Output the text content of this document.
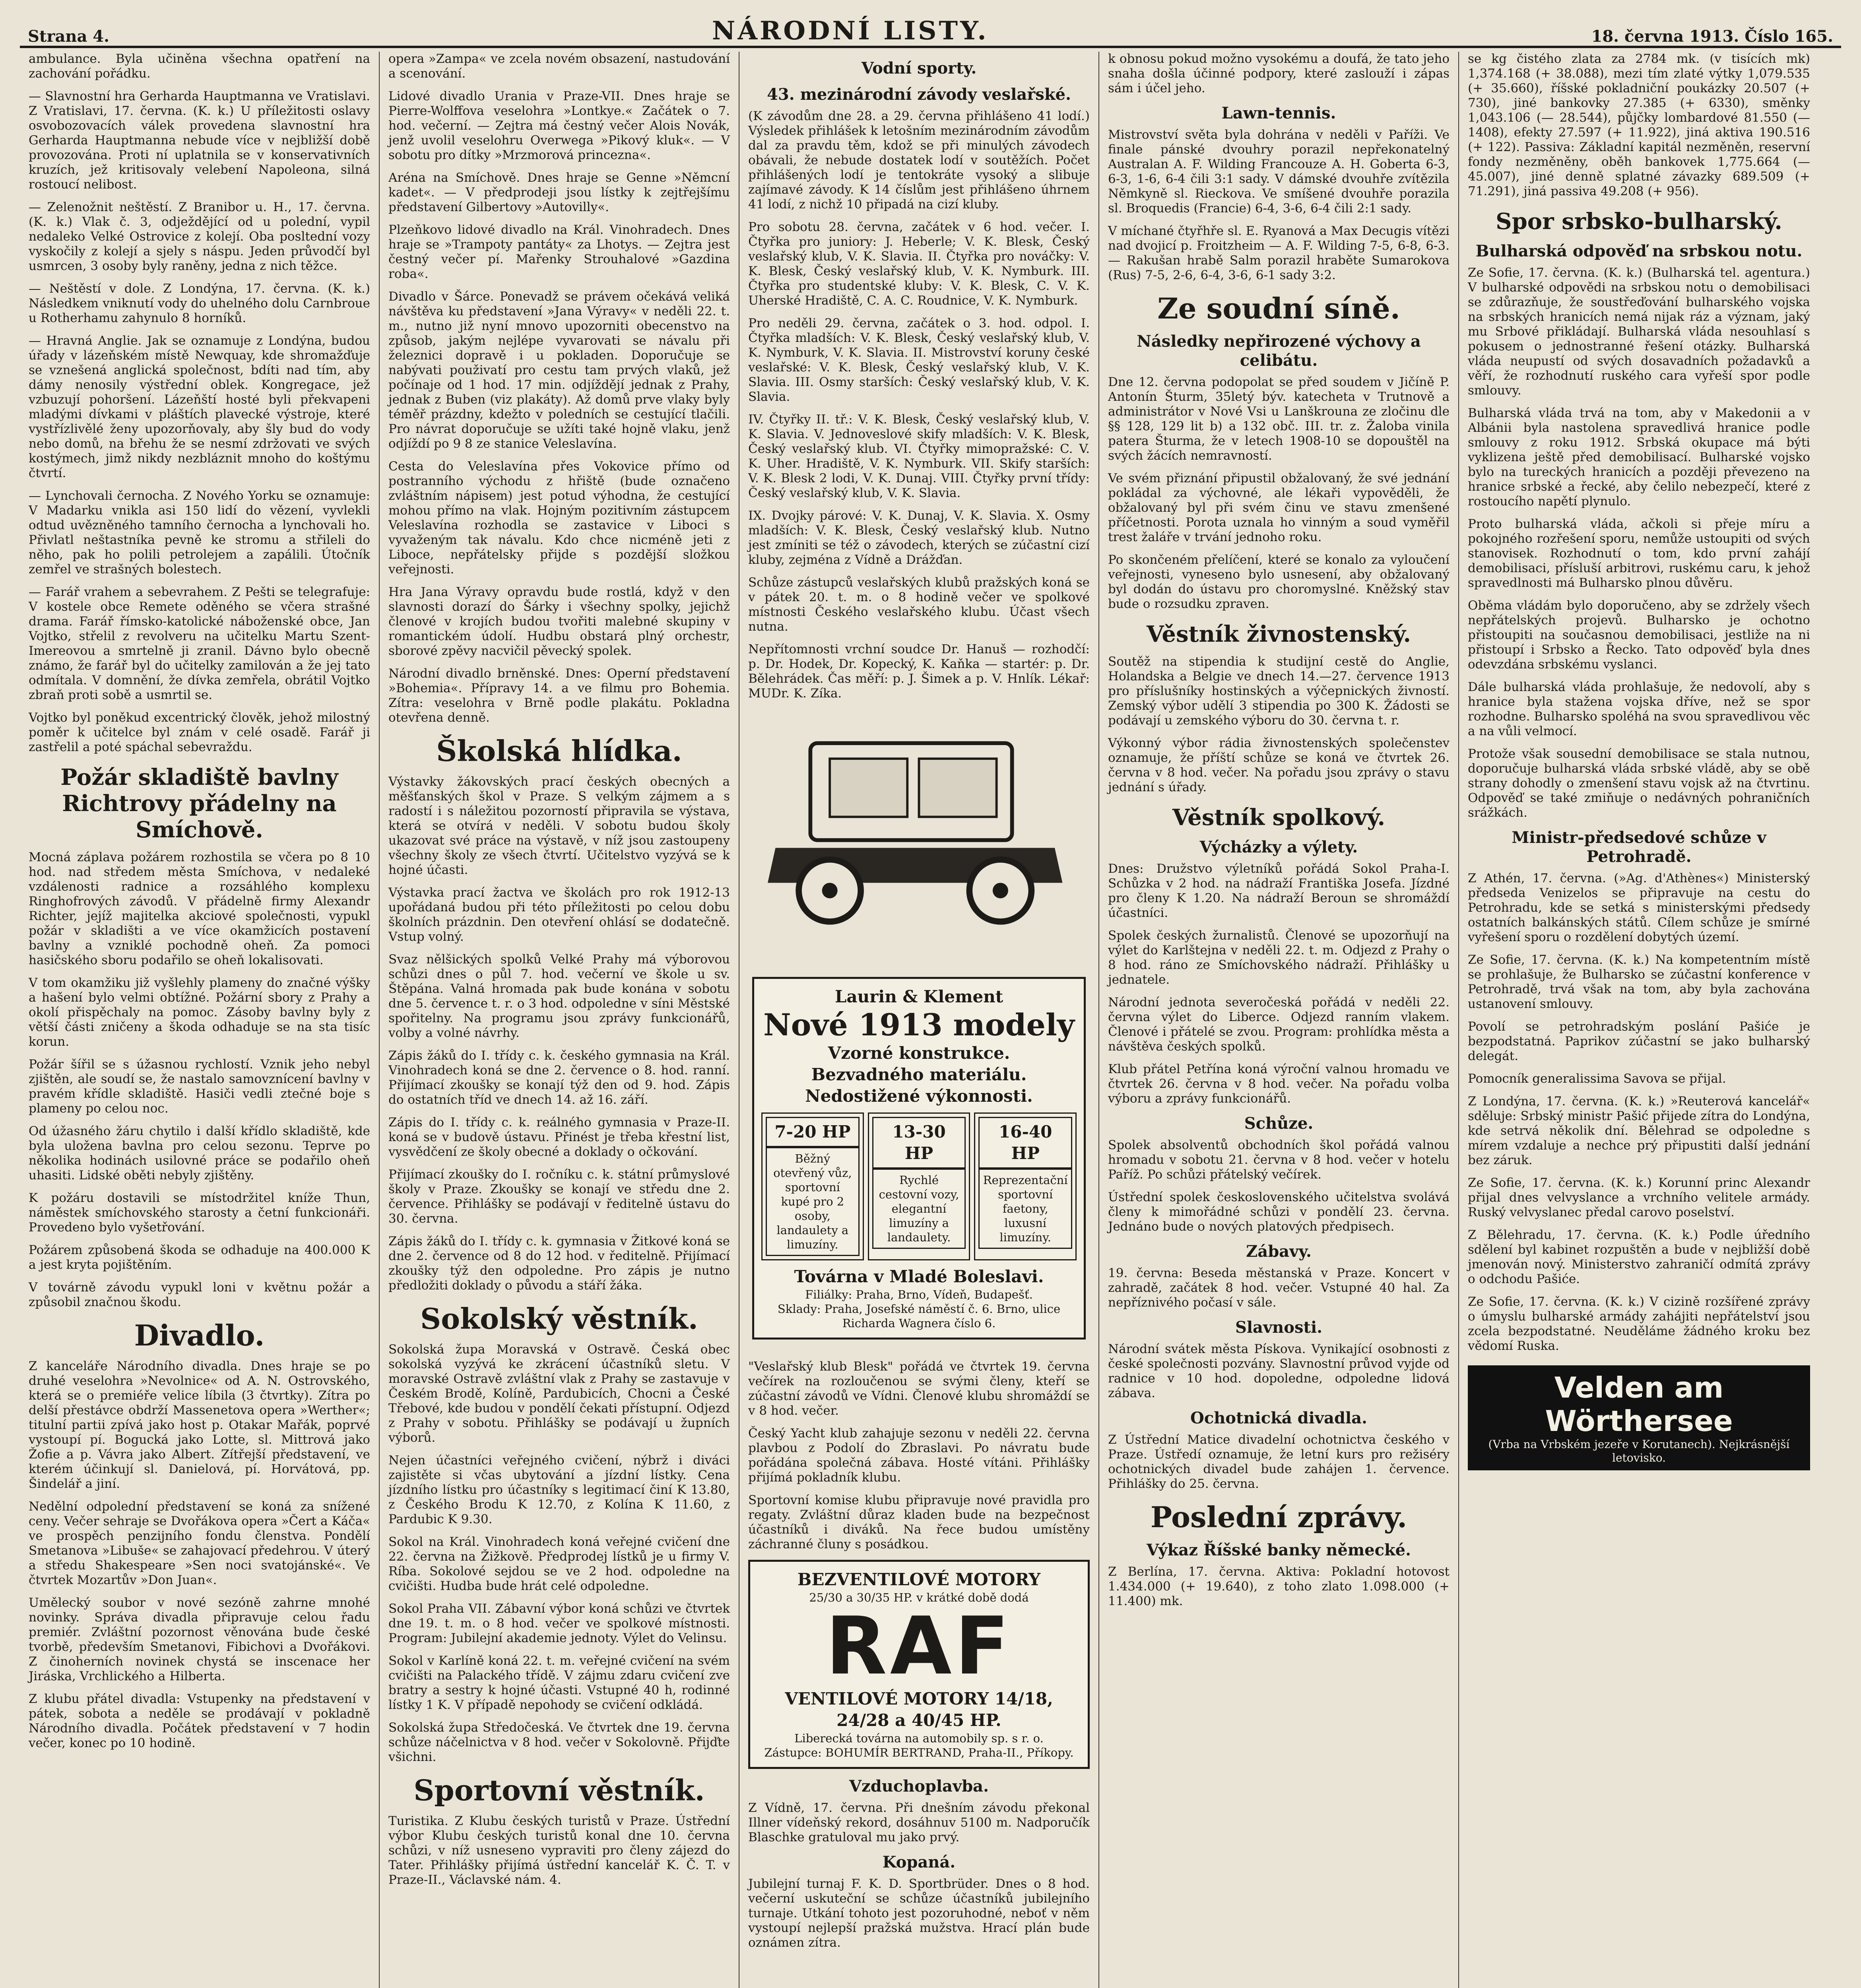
Strana 4.	NÁRODNÍ LISTY.	18. června 1913. Číslo 165.

ambulance. Byla učiněna všechna opatření na zachování pořádku.

— Slavnostní hra Gerharda Hauptmanna ve Vratislavi. Z Vratislavi, 17. června. (K. k.) U příležitosti oslavy osvobozovacích válek provedena slavnostní hra Gerharda Hauptmanna nebude více v nejbližší době provozována. Proti ní uplatnila se v konservativních kruzích, jež kritisovaly velebení Napoleona, silná rostoucí nelibost.

— Zelenožnit neštěstí. Z Branibor u. H., 17. června. (K. k.) Vlak č. 3, odježdějící od u polední, vypil nedaleko Velké Ostrovice z kolejí. Oba posltední vozy vyskočily z kolejí a sjely s náspu. Jeden průvodčí byl usmrcen, 3 osoby byly raněny, jedna z nich těžce.

— Neštěstí v dole. Z Londýna, 17. června. (K. k.) Následkem vniknutí vody do uhelného dolu Carnbroue u Rotherhamu zahynulo 8 horníků.

— Hravná Anglie. Jak se oznamuje z Londýna, budou úřady v lázeňském místě Newquay, kde shromažďuje se vznešená anglická společnost, bdíti nad tím, aby dámy nenosily výstřední oblek. Kongregace, jež vzbuzují pohoršení. Lázeňští hosté byli překvapeni mladými dívkami v pláštích plavecké výstroje, které vystřízlivělé ženy upozorňovaly, aby šly bud do vody nebo domů, na břehu že se nesmí zdržovati ve svých kostýmech, jimž nikdy nezbláznit mnoho do koštýmu čtvrtí.

— Lynchovali černocha. Z Nového Yorku se oznamuje: V Madarku vnikla asi 150 lidí do vězení, vyvlekli odtud uvězněného tamního černocha a lynchovali ho. Přivlatl neštastníka pevně ke stromu a střileli do něho, pak ho polili petrolejem a zapálili. Útočník zemřel ve strašných bolestech.

— Farář vrahem a sebevrahem. Z Pešti se telegrafuje: V kostele obce Remete oděného se včera strašné drama. Farář římsko-katolické náboženské obce, Jan Vojtko, střelil z revolveru na učitelku Martu Szent-Imereovou a smrtelně ji zranil. Dávno bylo obecně známo, že farář byl do učitelky zamilován a že jej tato odmítala. V domnění, že dívka zemřela, obrátil Vojtko zbraň proti sobě a usmrtil se.

Vojtko byl poněkud excentrický člověk, jehož milostný poměr k učitelce byl znám v celé osadě. Farář ji zastřelil a poté spáchal sebevraždu.

Požár skladiště bavlny Richtrovy přádelny na Smíchově.

Mocná záplava požárem rozhostila se včera po 8 10 hod. nad středem města Smíchova, v nedaleké vzdálenosti radnice a rozsáhlého komplexu Ringhofrových závodů. V přádelně firmy Alexandr Richter, jejíž majitelka akciové společnosti, vypukl požár v skladišti a ve více okamžicích postavení bavlny a vzniklé pochodně oheň. Za pomoci hasičského sboru podařilo se oheň lokalisovati.

V tom okamžiku již vyšlehly plameny do značné výšky a hašení bylo velmi obtížné. Požární sbory z Prahy a okolí přispěchaly na pomoc. Zásoby bavlny byly z větší části zničeny a škoda odhaduje se na sta tisíc korun.

Požár šířil se s úžasnou rychlostí. Vznik jeho nebyl zjištěn, ale soudí se, že nastalo samovznícení bavlny v pravém křídle skladiště. Hasiči vedli ztečné boje s plameny po celou noc.

Od úžasného žáru chytilo i další křídlo skladiště, kde byla uložena bavlna pro celou sezonu. Teprve po několika hodinách usilovné práce se podařilo oheň uhasiti. Lidské oběti nebyly zjištěny.

K požáru dostavili se místodržitel kníže Thun, náměstek smíchovského starosty a četní funkcionáři. Provedeno bylo vyšetřování.

Požárem způsobená škoda se odhaduje na 400.000 K a jest kryta pojištěním.

V továrně závodu vypukl loni v květnu požár a způsobil značnou škodu.

Divadlo.

Z kanceláře Národního divadla. Dnes hraje se po druhé veselohra »Nevolnice« od A. N. Ostrovského, která se o premiéře velice líbila (3 čtvrtky). Zítra po delší přestávce obdrží Massenetova opera »Werther«; titulní partii zpívá jako host p. Otakar Mařák, poprvé vystoupí pí. Bogucká jako Lotte, sl. Mittrová jako Žofie a p. Vávra jako Albert. Zítřejší představení, ve kterém účinkují sl. Danielová, pí. Horvátová, pp. Šindelář a jiní.

Nedělní odpolední představení se koná za snížené ceny. Večer sehraje se Dvořákova opera »Čert a Káča« ve prospěch penzijního fondu členstva. Pondělí Smetanova »Libuše« se zahajovací předehrou. V úterý a středu Shakespeare »Sen noci svatojánské«. Ve čtvrtek Mozartův »Don Juan«.

Umělecký soubor v nové sezóně zahrne mnohé novinky. Správa divadla připravuje celou řadu premiér. Zvláštní pozornost věnována bude české tvorbě, především Smetanovi, Fibichovi a Dvořákovi. Z činoherních novinek chystá se inscenace her Jiráska, Vrchlického a Hilberta.

Z klubu přátel divadla: Vstupenky na představení v pátek, sobota a neděle se prodávají v pokladně Národního divadla. Počátek představení v 7 hodin večer, konec po 10 hodině.

opera »Zampa« ve zcela novém obsazení, nastudování a scenování.

Lidové divadlo Urania v Praze-VII. Dnes hraje se Pierre-Wolffova veselohra »Lontkye.« Začátek o 7. hod. večerní. — Zejtra má čestný večer Alois Novák, jenž uvolil veselohru Overwega »Pikový kluk«. — V sobotu pro dítky »Mrzmorová princezna«.

Aréna na Smíchově. Dnes hraje se Genne »Němcní kadet«. — V předprodeji jsou lístky k zejtřejšímu představení Gilbertovy »Autovilly«.

Plzeňkovo lidové divadlo na Král. Vinohradech. Dnes hraje se »Trampoty pantáty« za Lhotys. — Zejtra jest čestný večer pí. Mařenky Strouhalové »Gazdina roba«.

Divadlo v Šárce. Ponevadž se právem očekává veliká návštěva ku představení »Jana Výravy« v neděli 22. t. m., nutno již nyní mnovo upozorniti obecenstvo na způsob, jakým nejlépe vyvarovati se návalu při železnici dopravě i u pokladen. Doporučuje se nabývati použivatí pro cestu tam prvých vlaků, jež počínaje od 1 hod. 17 min. odjíždějí jednak z Prahy, jednak z Buben (viz plakáty). Až domů prve vlaky byly téměř prázdny, kdežto v poledních se cestující tlačili. Pro návrat doporučuje se užíti také hojně vlaku, jenž odjíždí po 9 8 ze stanice Veleslavína.

Cesta do Veleslavína přes Vokovice přímo od postranního východu z hřiště (bude označeno zvláštním nápisem) jest potud výhodna, že cestující mohou přímo na vlak. Hojným pozitivním zástupcem Veleslavína rozhodla se zastavice v Liboci s vyvaženým tak návalu. Kdo chce nicméně jeti z Liboce, nepřátelsky přijde s pozdější složkou veřejnosti.

Hra Jana Výravy opravdu bude rostlá, když v den slavnosti dorazí do Šárky i všechny spolky, jejichž členové v krojích budou tvořiti malebné skupiny v romantickém údolí. Hudbu obstará plný orchestr, sborové zpěvy nacvičil pěvecký spolek.

Národní divadlo brněnské. Dnes: Operní představení »Bohemia«. Přípravy 14. a ve filmu pro Bohemia. Zítra: veselohra v Brně podle plakátu. Pokladna otevřena denně.

Školská hlídka.

Výstavky žákovských prací českých obecných a měšťanských škol v Praze. S velkým zájmem a s radostí i s náležitou pozorností připravila se výstava, která se otvírá v neděli. V sobotu budou školy ukazovat své práce na výstavě, v níž jsou zastoupeny všechny školy ze všech čtvrtí. Učitelstvo vyzývá se k hojné účasti.

Výstavka prací žactva ve školách pro rok 1912-13 upořádaná budou při této příležitosti po celou dobu školních prázdnin. Den otevření ohlásí se dodatečně. Vstup volný.

Svaz nělšických spolků Velké Prahy má výborovou schůzi dnes o půl 7. hod. večerní ve škole u sv. Štěpána. Valná hromada pak bude konána v sobotu dne 5. července t. r. o 3 hod. odpoledne v síni Městské spořitelny. Na programu jsou zprávy funkcionářů, volby a volné návrhy.

Zápis žáků do I. třídy c. k. českého gymnasia na Král. Vinohradech koná se dne 2. července o 8. hod. ranní. Přijímací zkoušky se konají týž den od 9. hod. Zápis do ostatních tříd ve dnech 14. až 16. září.

Zápis do I. třídy c. k. reálného gymnasia v Praze-II. koná se v budově ústavu. Přinést je třeba křestní list, vysvědčení ze školy obecné a doklady o očkování.

Přijímací zkoušky do I. ročníku c. k. státní průmyslové školy v Praze. Zkoušky se konají ve středu dne 2. července. Přihlášky se podávají v ředitelně ústavu do 30. června.

Zápis žáků do I. třídy c. k. gymnasia v Žitkové koná se dne 2. července od 8 do 12 hod. v ředitelně. Přijímací zkoušky týž den odpoledne. Pro zápis je nutno předložiti doklady o původu a stáří žáka.

Sokolský věstník.

Sokolská župa Moravská v Ostravě. Česká obec sokolská vyzývá ke zkrácení účastníků sletu. V moravské Ostravě zvláštní vlak z Prahy se zastavuje v Českém Brodě, Kolíně, Pardubicích, Chocni a České Třebové, kde budou v pondělí čekati přístupní. Odjezd z Prahy v sobotu. Přihlášky se podávají u župních výborů.

Nejen účastníci veřejného cvičení, nýbrž i diváci zajistěte si včas ubytování a jízdní lístky. Cena jízdního lístku pro účastníky s legitimací činí K 13.80, z Českého Brodu K 12.70, z Kolína K 11.60, z Pardubic K 9.30.

Sokol na Král. Vinohradech koná veřejné cvičení dne 22. června na Žižkově. Předprodej lístků je u firmy V. Ríba. Sokolové sejdou se ve 2 hod. odpoledne na cvičišti. Hudba bude hrát celé odpoledne.

Sokol Praha VII. Zábavní výbor koná schůzi ve čtvrtek dne 19. t. m. o 8 hod. večer ve spolkové místnosti. Program: Jubilejní akademie jednoty. Výlet do Velinsu.

Sokol v Karlíně koná 22. t. m. veřejné cvičení na svém cvičišti na Palackého třídě. V zájmu zdaru cvičení zve bratry a sestry k hojné účasti. Vstupné 40 h, rodinné lístky 1 K. V případě nepohody se cvičení odkládá.

Sokolská župa Středočeská. Ve čtvrtek dne 19. června schůze náčelnictva v 8 hod. večer v Sokolovně. Přijďte všichni.

Sportovní věstník.

Turistika. Z Klubu českých turistů v Praze. Ústřední výbor Klubu českých turistů konal dne 10. června schůzi, v níž usneseno vypraviti pro členy zájezd do Tater. Přihlášky přijímá ústřední kancelář K. Č. T. v Praze-II., Václavské nám. 4.

Vodní sporty.
43. mezinárodní závody veslařské.

(K závodům dne 28. a 29. června přihlášeno 41 lodí.) Výsledek přihlášek k letošním mezinárodním závodům dal za pravdu těm, kdož se při minulých závodech obávali, že nebude dostatek lodí v soutěžích. Počet přihlášených lodí je tentokráte vysoký a slibuje zajímavé závody. K 14 číslům jest přihlášeno úhrnem 41 lodí, z nichž 10 připadá na cizí kluby.

Pro sobotu 28. června, začátek v 6 hod. večer. I. Čtyřka pro juniory: J. Heberle; V. K. Blesk, Český veslařský klub, V. K. Slavia. II. Čtyřka pro nováčky: V. K. Blesk, Český veslařský klub, V. K. Nymburk. III. Čtyřka pro studentské kluby: V. K. Blesk, C. V. K. Uherské Hradiště, C. A. C. Roudnice, V. K. Nymburk.

Pro neděli 29. června, začátek o 3. hod. odpol. I. Čtyřka mladších: V. K. Blesk, Český veslařský klub, V. K. Nymburk, V. K. Slavia. II. Mistrovství koruny české veslařské: V. K. Blesk, Český veslařský klub, V. K. Slavia. III. Osmy starších: Český veslařský klub, V. K. Slavia.

IV. Čtyřky II. tř.: V. K. Blesk, Český veslařský klub, V. K. Slavia. V. Jednoveslové skify mladších: V. K. Blesk, Český veslařský klub. VI. Čtyřky mimopražské: C. V. K. Uher. Hradiště, V. K. Nymburk. VII. Skify starších: V. K. Blesk 2 lodi, V. K. Dunaj. VIII. Čtyřky první třídy: Český veslařský klub, V. K. Slavia.

IX. Dvojky párové: V. K. Dunaj, V. K. Slavia. X. Osmy mladších: V. K. Blesk, Český veslařský klub. Nutno jest zmíniti se též o závodech, kterých se zúčastní cizí kluby, zejména z Vídně a Drážďan.

Schůze zástupců veslařských klubů pražských koná se v pátek 20. t. m. o 8 hodině večer ve spolkové místnosti Českého veslařského klubu. Účast všech nutna.

Nepřítomnosti vrchní soudce Dr. Hanuš — rozhodčí: p. Dr. Hodek, Dr. Kopecký, K. Kaňka — startér: p. Dr. Bělehrádek. Čas měří: p. J. Šimek a p. V. Hnlík. Lékař: MUDr. K. Zíka.

Laurin & Klement
Nové 1913 modely
Vzorné konstrukce.
Bezvadného materiálu.
Nedostižené výkonnosti.
7-20 HP
Běžný otevřený vůz, sportovní kupé pro 2 osoby, landaulety a limuzíny.
13-30 HP
Rychlé cestovní vozy, elegantní limuzíny a landaulety.
16-40 HP
Reprezentační sportovní faetony, luxusní limuzíny.
Továrna v Mladé Boleslavi.
Filiálky: Praha, Brno, Vídeň, Budapešť.
Sklady: Praha, Josefské náměstí č. 6. Brno, ulice Richarda Wagnera číslo 6.

"Veslařský klub Blesk" pořádá ve čtvrtek 19. června večírek na rozloučenou se svými členy, kteří se zúčastní závodů ve Vídni. Členové klubu shromáždí se v 8 hod. večer.

Český Yacht klub zahajuje sezonu v neděli 22. června plavbou z Podolí do Zbraslavi. Po návratu bude pořádána společná zábava. Hosté vítáni. Přihlášky přijímá pokladník klubu.

Sportovní komise klubu připravuje nové pravidla pro regaty. Zvláštní důraz kladen bude na bezpečnost účastníků i diváků. Na řece budou umístěny záchranné čluny s posádkou.

BEZVENTILOVÉ MOTORY
25/30 a 30/35 HP. v krátké době dodá
RAF
VENTILOVÉ MOTORY 14/18, 24/28 a 40/45 HP.
Liberecká továrna na automobily sp. s r. o.
Zástupce: BOHUMÍR BERTRAND, Praha-II., Příkopy.
Vzduchoplavba.

Z Vídně, 17. června. Při dnešním závodu překonal Illner vídeňský rekord, dosáhnuv 5100 m. Nadporučík Blaschke gratuloval mu jako prvý.

Kopaná.

Jubilejní turnaj F. K. D. Sportbrüder. Dnes o 8 hod. večerní uskuteční se schůze účastníků jubilejního turnaje. Utkání tohoto jest pozoruhodné, neboť v něm vystoupí nejlepší pražská mužstva. Hrací plán bude oznámen zítra.

k obnosu pokud možno vysokému a doufá, že tato jeho snaha došla účinné podpory, které zaslouží i zápas sám i účel jeho.

Lawn-tennis.

Mistrovství světa byla dohrána v neděli v Paříži. Ve finale pánské dvouhry porazil nepřekonatelný Australan A. F. Wilding Francouze A. H. Goberta 6-3, 6-3, 1-6, 6-4 čili 3:1 sady. V dámské dvouhře zvítězila Němkyně sl. Rieckova. Ve smíšené dvouhře porazila sl. Broquedis (Francie) 6-4, 3-6, 6-4 čili 2:1 sady.

V míchané čtyřhře sl. E. Ryanová a Max Decugis vítězi nad dvojicí p. Froitzheim — A. F. Wilding 7-5, 6-8, 6-3. — Rakušan hrabě Salm porazil hraběte Sumarokova (Rus) 7-5, 2-6, 6-4, 3-6, 6-1 sady 3:2.

Ze soudní síně.
Následky nepřirozené výchovy a celibátu.

Dne 12. června podopolat se před soudem v Jičíně P. Antonín Šturm, 35letý býv. katecheta v Trutnově a administrátor v Nové Vsi u Lanškrouna ze zločinu dle §§ 128, 129 lit b) a 132 obč. III. tr. z. Žaloba vinila patera Šturma, že v letech 1908-10 se dopouštěl na svých žácích nemravností.

Ve svém přiznání připustil obžalovaný, že své jednání pokládal za výchovné, ale lékaři vypověděli, že obžalovaný byl při svém činu ve stavu zmenšené příčetnosti. Porota uznala ho vinným a soud vyměřil trest žaláře v trvání jednoho roku.

Po skončeném přelíčení, které se konalo za vyloučení veřejnosti, vyneseno bylo usnesení, aby obžalovaný byl dodán do ústavu pro choromyslné. Kněžský stav bude o rozsudku zpraven.

Věstník živnostenský.

Soutěž na stipendia k studijní cestě do Anglie, Holandska a Belgie ve dnech 14.—27. července 1913 pro příslušníky hostinských a výčepnických živností. Zemský výbor udělí 3 stipendia po 300 K. Žádosti se podávají u zemského výboru do 30. června t. r.

Výkonný výbor rádia živnostenských společenstev oznamuje, že příští schůze se koná ve čtvrtek 26. června v 8 hod. večer. Na pořadu jsou zprávy o stavu jednání s úřady.

Věstník spolkový.
Výcházky a výlety.

Dnes: Družstvo výletníků pořádá Sokol Praha-I. Schůzka v 2 hod. na nádraží Františka Josefa. Jízdné pro členy K 1.20. Na nádraží Beroun se shromáždí účastníci.

Spolek českých žurnalistů. Členové se upozorňují na výlet do Karlštejna v neděli 22. t. m. Odjezd z Prahy o 8 hod. ráno ze Smíchovského nádraží. Přihlášky u jednatele.

Národní jednota severočeská pořádá v neděli 22. června výlet do Liberce. Odjezd ranním vlakem. Členové i přátelé se zvou. Program: prohlídka města a návštěva českých spolků.

Klub přátel Petřína koná výroční valnou hromadu ve čtvrtek 26. června v 8 hod. večer. Na pořadu volba výboru a zprávy funkcionářů.

Schůze.

Spolek absolventů obchodních škol pořádá valnou hromadu v sobotu 21. června v 8 hod. večer v hotelu Paříž. Po schůzi přátelský večírek.

Ústřední spolek československého učitelstva svolává členy k mimořádné schůzi v pondělí 23. června. Jednáno bude o nových platových předpisech.

Zábavy.

19. června: Beseda městanská v Praze. Koncert v zahradě, začátek 8 hod. večer. Vstupné 40 hal. Za nepříznivého počasí v sále.

Slavnosti.

Národní svátek města Pískova. Vynikající osobnosti z české společnosti pozvány. Slavnostní průvod vyjde od radnice v 10 hod. dopoledne, odpoledne lidová zábava.

Ochotnická divadla.

Z Ústřední Matice divadelní ochotnictva českého v Praze. Ústředí oznamuje, že letní kurs pro režiséry ochotnických divadel bude zahájen 1. července. Přihlášky do 25. června.

Poslední zprávy.
Výkaz Říšské banky německé.

Z Berlína, 17. června. Aktiva: Pokladní hotovost 1.434.000 (+ 19.640), z toho zlato 1.098.000 (+ 11.400) mk.

se kg čistého zlata za 2784 mk. (v tisících mk) 1,374.168 (+ 38.088), mezi tím zlaté výtky 1,079.535 (+ 35.660), říšské pokladniční poukázky 20.507 (+ 730), jiné bankovky 27.385 (+ 6330), směnky 1,043.106 (— 28.544), půjčky lombardové 81.550 (— 1408), efekty 27.597 (+ 11.922), jiná aktiva 190.516 (+ 122). Passiva: Základní kapitál nezměněn, reservní fondy nezměněny, oběh bankovek 1,775.664 (— 45.007), jiné denně splatné závazky 689.509 (+ 71.291), jiná passiva 49.208 (+ 956).

Spor srbsko-bulharský.
Bulharská odpověď na srbskou notu.

Ze Sofie, 17. června. (K. k.) (Bulharská tel. agentura.) V bulharské odpovědi na srbskou notu o demobilisaci se zdůrazňuje, že soustřeďování bulharského vojska na srbských hranicích nemá nijak ráz a význam, jaký mu Srbové přikládají. Bulharská vláda nesouhlasí s pokusem o jednostranné řešení otázky. Bulharská vláda neupustí od svých dosavadních požadavků a věří, že rozhodnutí ruského cara vyřeší spor podle smlouvy.

Bulharská vláda trvá na tom, aby v Makedonii a v Albánii byla nastolena spravedlivá hranice podle smlouvy z roku 1912. Srbská okupace má býti vyklizena ještě před demobilisací. Bulharské vojsko bylo na tureckých hranicích a později převezeno na hranice srbské a řecké, aby čelilo nebezpečí, které z rostoucího napětí plynulo.

Proto bulharská vláda, ačkoli si přeje míru a pokojného rozřešení sporu, nemůže ustoupiti od svých stanovisek. Rozhodnutí o tom, kdo první zahájí demobilisaci, přísluší arbitrovi, ruskému caru, k jehož spravedlnosti má Bulharsko plnou důvěru.

Oběma vládám bylo doporučeno, aby se zdržely všech nepřátelských projevů. Bulharsko je ochotno přistoupiti na současnou demobilisaci, jestliže na ni přistoupí i Srbsko a Řecko. Tato odpověď byla dnes odevzdána srbskému vyslanci.

Dále bulharská vláda prohlašuje, že nedovolí, aby s hranice byla stažena vojska dříve, než se spor rozhodne. Bulharsko spoléhá na svou spravedlivou věc a na vůli velmocí.

Protože však sousední demobilisace se stala nutnou, doporučuje bulharská vláda srbské vládě, aby se obě strany dohodly o zmenšení stavu vojsk až na čtvrtinu. Odpověď se také zmiňuje o nedávných pohraničních srážkách.

Ministr-předsedové schůze v Petrohradě.

Z Athén, 17. června. (»Ag. d'Athènes«) Ministerský předseda Venizelos se připravuje na cestu do Petrohradu, kde se setká s ministerskými předsedy ostatních balkánských států. Cílem schůze je smírné vyřešení sporu o rozdělení dobytých území.

Ze Sofie, 17. června. (K. k.) Na kompetentním místě se prohlašuje, že Bulharsko se zúčastní konference v Petrohradě, trvá však na tom, aby byla zachována ustanovení smlouvy.

Povolí se petrohradským poslání Pašiće je bezpodstatná. Paprikov zúčastní se jako bulharský delegát.

Pomocník generalissima Savova se přijal.

Z Londýna, 17. června. (K. k.) »Reuterová kancelář« sděluje: Srbský ministr Pašić přijede zítra do Londýna, kde setrvá několik dní. Bělehrad se odpoledne s mírem vzdaluje a nechce prý připustiti další jednání bez záruk.

Ze Sofie, 17. června. (K. k.) Korunní princ Alexandr přijal dnes velvyslance a vrchního velitele armády. Ruský velvyslanec předal carovo poselství.

Z Bělehradu, 17. června. (K. k.) Podle úředního sdělení byl kabinet rozpuštěn a bude v nejbližší době jmenován nový. Ministerstvo zahraničí odmítá zprávy o odchodu Pašiće.

Ze Sofie, 17. června. (K. k.) V cizině rozšířené zprávy o úmyslu bulharské armády zahájiti nepřátelství jsou zcela bezpodstatné. Neuděláme žádného kroku bez vědomí Ruska.

Velden am Wörthersee
(Vrba na Vrbském jezeře v Korutanech). Nejkrásnější letovisko.
